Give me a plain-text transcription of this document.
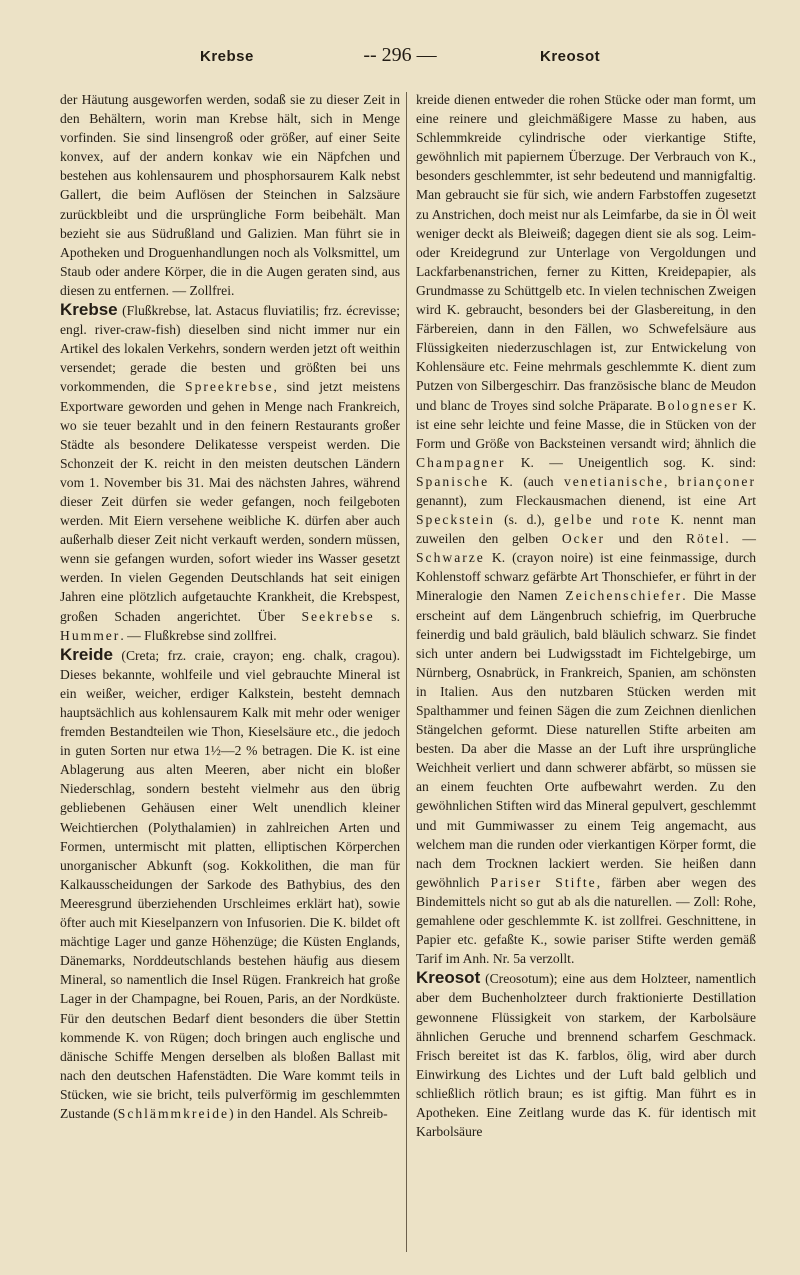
Krebse	-- 296 —	Kreosot

der Häutung ausgeworfen werden, sodaß sie zu dieser Zeit in den Behältern, worin man Krebse hält, sich in Menge vorfinden. Sie sind linsengroß oder größer, auf einer Seite konvex, auf der andern konkav wie ein Näpfchen und bestehen aus kohlensaurem und phosphorsaurem Kalk nebst Gallert, die beim Auflösen der Steinchen in Salzsäure zurückbleibt und die ursprüngliche Form beibehält. Man bezieht sie aus Südrußland und Galizien. Man führt sie in Apotheken und Droguenhandlungen noch als Volksmittel, um Staub oder andere Körper, die in die Augen geraten sind, aus diesen zu entfernen. — Zollfrei.

Krebse (Flußkrebse, lat. Astacus fluviatilis; frz. écrevisse; engl. river-craw-fish) dieselben sind nicht immer nur ein Artikel des lokalen Verkehrs, sondern werden jetzt oft weithin versendet; gerade die besten und größten bei uns vorkommenden, die Spreekrebse, sind jetzt meistens Exportware geworden und gehen in Menge nach Frankreich, wo sie teuer bezahlt und in den feinern Restaurants großer Städte als besondere Delikatesse verspeist werden. Die Schonzeit der K. reicht in den meisten deutschen Ländern vom 1. November bis 31. Mai des nächsten Jahres, während dieser Zeit dürfen sie weder gefangen, noch feilgeboten werden. Mit Eiern versehene weibliche K. dürfen aber auch außerhalb dieser Zeit nicht verkauft werden, sondern müssen, wenn sie gefangen wurden, sofort wieder ins Wasser gesetzt werden. In vielen Gegenden Deutschlands hat seit einigen Jahren eine plötzlich aufgetauchte Krankheit, die Krebspest, großen Schaden angerichtet. Über Seekrebse s. Hummer. — Flußkrebse sind zollfrei.

Kreide (Creta; frz. craie, crayon; eng. chalk, cragou). Dieses bekannte, wohlfeile und viel gebrauchte Mineral ist ein weißer, weicher, erdiger Kalkstein, besteht demnach hauptsächlich aus kohlensaurem Kalk mit mehr oder weniger fremden Bestandteilen wie Thon, Kieselsäure etc., die jedoch in guten Sorten nur etwa 1½—2 % betragen. Die K. ist eine Ablagerung aus alten Meeren, aber nicht ein bloßer Niederschlag, sondern besteht vielmehr aus den übrig gebliebenen Gehäusen einer Welt unendlich kleiner Weichtierchen (Polythalamien) in zahlreichen Arten und Formen, untermischt mit platten, elliptischen Körperchen unorganischer Abkunft (sog. Kokkolithen, die man für Kalkausscheidungen der Sarkode des Bathybius, des den Meeresgrund überziehenden Urschleimes erklärt hat), sowie öfter auch mit Kieselpanzern von Infusorien. Die K. bildet oft mächtige Lager und ganze Höhenzüge; die Küsten Englands, Dänemarks, Norddeutschlands bestehen häufig aus diesem Mineral, so namentlich die Insel Rügen. Frankreich hat große Lager in der Champagne, bei Rouen, Paris, an der Nordküste. Für den deutschen Bedarf dient besonders die über Stettin kommende K. von Rügen; doch bringen auch englische und dänische Schiffe Mengen derselben als bloßen Ballast mit nach den deutschen Hafenstädten. Die Ware kommt teils in Stücken, wie sie bricht, teils pulverförmig im geschlemmten Zustande (Schlämmkreide) in den Handel. Als Schreib-

kreide dienen entweder die rohen Stücke oder man formt, um eine reinere und gleichmäßigere Masse zu haben, aus Schlemmkreide cylindrische oder vierkantige Stifte, gewöhnlich mit papiernem Überzuge. Der Verbrauch von K., besonders geschlemmter, ist sehr bedeutend und mannigfaltig. Man gebraucht sie für sich, wie andern Farbstoffen zugesetzt zu Anstrichen, doch meist nur als Leimfarbe, da sie in Öl weit weniger deckt als Bleiweiß; dagegen dient sie als sog. Leim- oder Kreidegrund zur Unterlage von Vergoldungen und Lackfarbenanstrichen, ferner zu Kitten, Kreidepapier, als Grundmasse zu Schüttgelb etc. In vielen technischen Zweigen wird K. gebraucht, besonders bei der Glasbereitung, in den Färbereien, dann in den Fällen, wo Schwefelsäure aus Flüssigkeiten niederzuschlagen ist, zur Entwickelung von Kohlensäure etc. Feine mehrmals geschlemmte K. dient zum Putzen von Silbergeschirr. Das französische blanc de Meudon und blanc de Troyes sind solche Präparate. Bologneser K. ist eine sehr leichte und feine Masse, die in Stücken von der Form und Größe von Backsteinen versandt wird; ähnlich die Champagner K. — Uneigentlich sog. K. sind: Spanische K. (auch venetianische, briançoner genannt), zum Fleckausmachen dienend, ist eine Art Speckstein (s. d.), gelbe und rote K. nennt man zuweilen den gelben Ocker und den Rötel. — Schwarze K. (crayon noire) ist eine feinmassige, durch Kohlenstoff schwarz gefärbte Art Thonschiefer, er führt in der Mineralogie den Namen Zeichenschiefer. Die Masse erscheint auf dem Längenbruch schiefrig, im Querbruche feinerdig und bald gräulich, bald bläulich schwarz. Sie findet sich unter andern bei Ludwigsstadt im Fichtelgebirge, um Nürnberg, Osnabrück, in Frankreich, Spanien, am schönsten in Italien. Aus den nutzbaren Stücken werden mit Spalthammer und feinen Sägen die zum Zeichnen dienlichen Stängelchen geformt. Diese naturellen Stifte arbeiten am besten. Da aber die Masse an der Luft ihre ursprüngliche Weichheit verliert und dann schwerer abfärbt, so müssen sie an einem feuchten Orte aufbewahrt werden. Zu den gewöhnlichen Stiften wird das Mineral gepulvert, geschlemmt und mit Gummiwasser zu einem Teig angemacht, aus welchem man die runden oder vierkantigen Körper formt, die nach dem Trocknen lackiert werden. Sie heißen dann gewöhnlich Pariser Stifte, färben aber wegen des Bindemittels nicht so gut ab als die naturellen. — Zoll: Rohe, gemahlene oder geschlemmte K. ist zollfrei. Geschnittene, in Papier etc. gefaßte K., sowie pariser Stifte werden gemäß Tarif im Anh. Nr. 5a verzollt.

Kreosot (Creosotum); eine aus dem Holzteer, namentlich aber dem Buchenholzteer durch fraktionierte Destillation gewonnene Flüssigkeit von starkem, der Karbolsäure ähnlichen Geruche und brennend scharfem Geschmack. Frisch bereitet ist das K. farblos, ölig, wird aber durch Einwirkung des Lichtes und der Luft bald gelblich und schließlich rötlich braun; es ist giftig. Man führt es in Apotheken. Eine Zeitlang wurde das K. für identisch mit Karbolsäure
